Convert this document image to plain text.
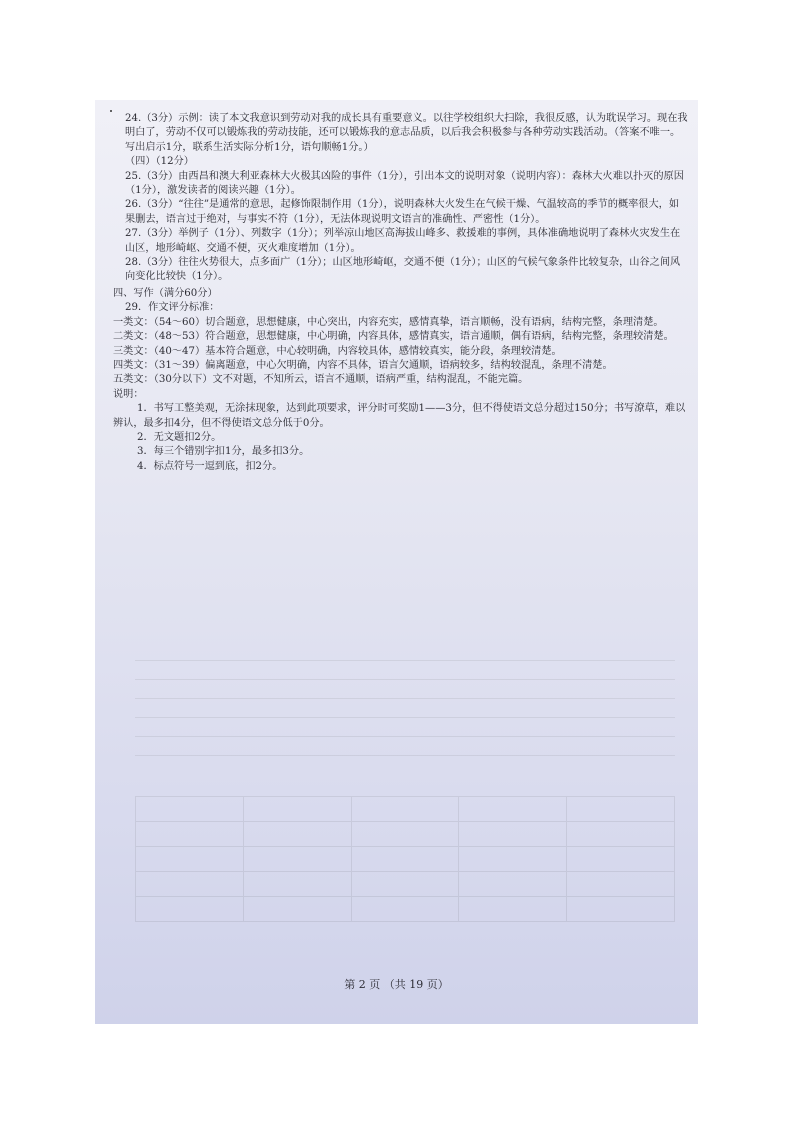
24.（3分）示例：读了本文我意识到劳动对我的成长具有重要意义。以往学校组织大扫除，我很反感，认为耽误学习。现在我明白了，劳动不仅可以锻炼我的劳动技能，还可以锻炼我的意志品质，以后我会积极参与各种劳动实践活动。（答案不唯一。写出启示1分，联系生活实际分析1分，语句顺畅1分。）

（四）（12分）

25.（3分）由西昌和澳大利亚森林大火极其凶险的事件（1分），引出本文的说明对象（说明内容）：森林大火难以扑灭的原因（1分），激发读者的阅读兴趣（1分）。

26.（3分）“往往”是通常的意思，起修饰限制作用（1分），说明森林大火发生在气候干燥、气温较高的季节的概率很大，如果删去，语言过于绝对，与事实不符（1分），无法体现说明文语言的准确性、严密性（1分）。

27.（3分）举例子（1分）、列数字（1分）；列举凉山地区高海拔山峰多、救援难的事例，具体准确地说明了森林火灾发生在山区，地形崎岖、交通不便，灭火难度增加（1分）。

28.（3分）往往火势很大，点多面广（1分）；山区地形崎岖，交通不便（1分）；山区的气候气象条件比较复杂，山谷之间风向变化比较快（1分）。

四、写作（满分60分）

29．作文评分标准：

一类文：（54～60）切合题意，思想健康，中心突出，内容充实，感情真挚，语言顺畅，没有语病，结构完整，条理清楚。

二类文：（48～53）符合题意，思想健康，中心明确，内容具体，感情真实，语言通顺，偶有语病，结构完整，条理较清楚。

三类文：（40～47）基本符合题意，中心较明确，内容较具体，感情较真实，能分段，条理较清楚。

四类文：（31～39）偏离题意，中心欠明确，内容不具体，语言欠通顺，语病较多，结构较混乱，条理不清楚。

五类文：（30分以下）文不对题，不知所云，语言不通顺，语病严重，结构混乱，不能完篇。

说明：

1．书写工整美观，无涂抹现象，达到此项要求，评分时可奖励1——3分，但不得使语文总分超过150分；书写潦草，难以辨认，最多扣4分，但不得使语文总分低于0分。

2．无文题扣2分。

3．每三个错别字扣1分，最多扣3分。

4．标点符号一逗到底，扣2分。

第 2 页 （共 19 页）
